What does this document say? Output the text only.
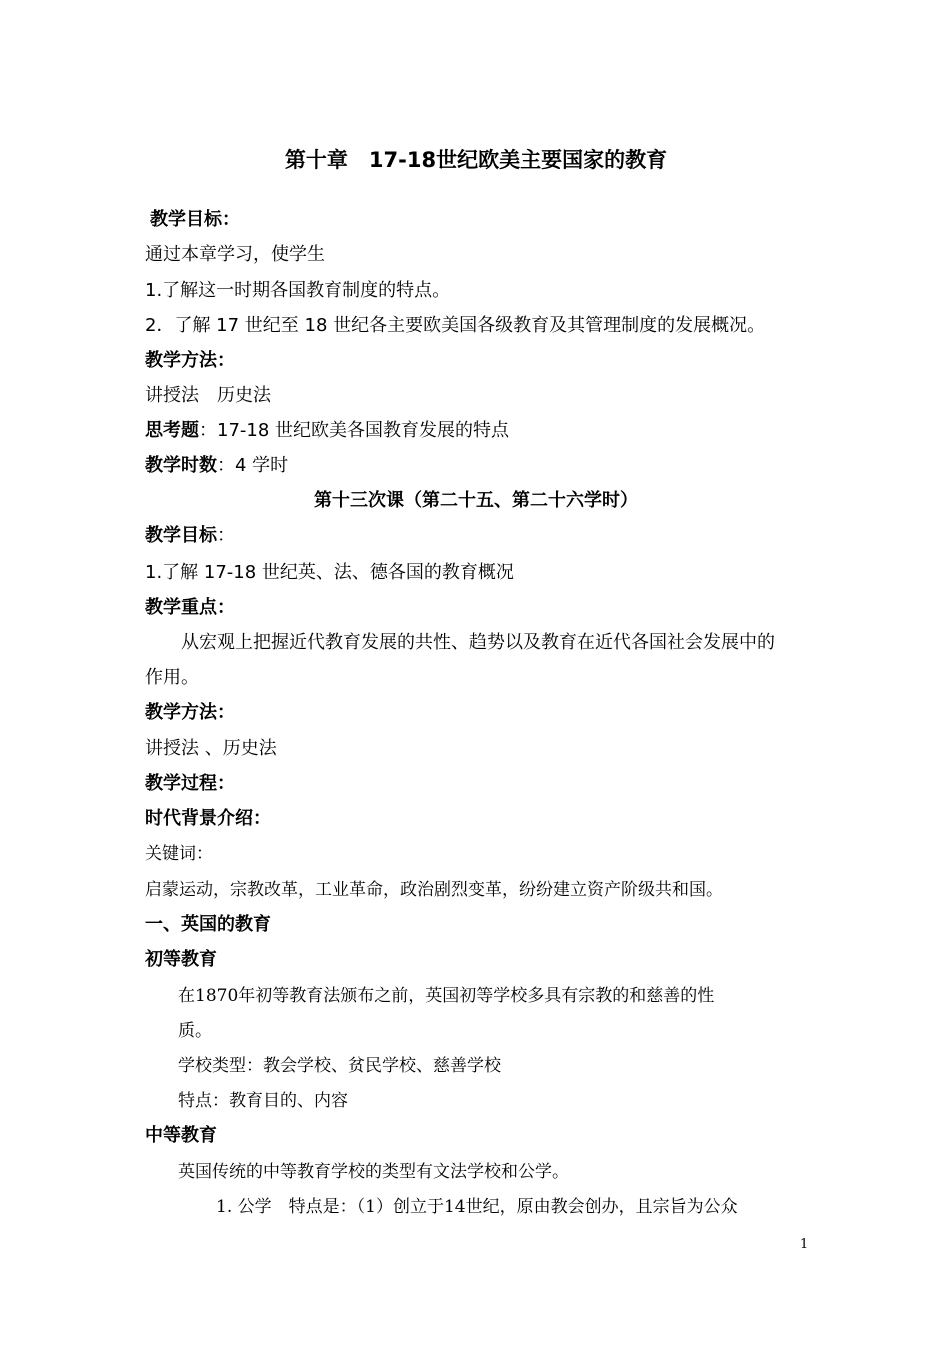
第十章　17-18世纪欧美主要国家的教育
教学目标：
通过本章学习，使学生
1.了解这一时期各国教育制度的特点。
2．了解 17 世纪至 18 世纪各主要欧美国各级教育及其管理制度的发展概况。
教学方法：
讲授法　历史法
思考题：17-18 世纪欧美各国教育发展的特点
教学时数：4 学时
第十三次课（第二十五、第二十六学时）
教学目标：
1.了解 17-18 世纪英、法、德各国的教育概况
教学重点：
从宏观上把握近代教育发展的共性、趋势以及教育在近代各国社会发展中的
作用。
教学方法：
讲授法 、历史法
教学过程：
时代背景介绍：
关键词：
启蒙运动，宗教改革，工业革命，政治剧烈变革，纷纷建立资产阶级共和国。
一、英国的教育
初等教育
在1870年初等教育法颁布之前，英国初等学校多具有宗教的和慈善的性
质。
学校类型：教会学校、贫民学校、慈善学校
特点：教育目的、内容
中等教育
英国传统的中等教育学校的类型有文法学校和公学。
1. 公学　特点是：（1）创立于14世纪，原由教会创办，且宗旨为公众
1
